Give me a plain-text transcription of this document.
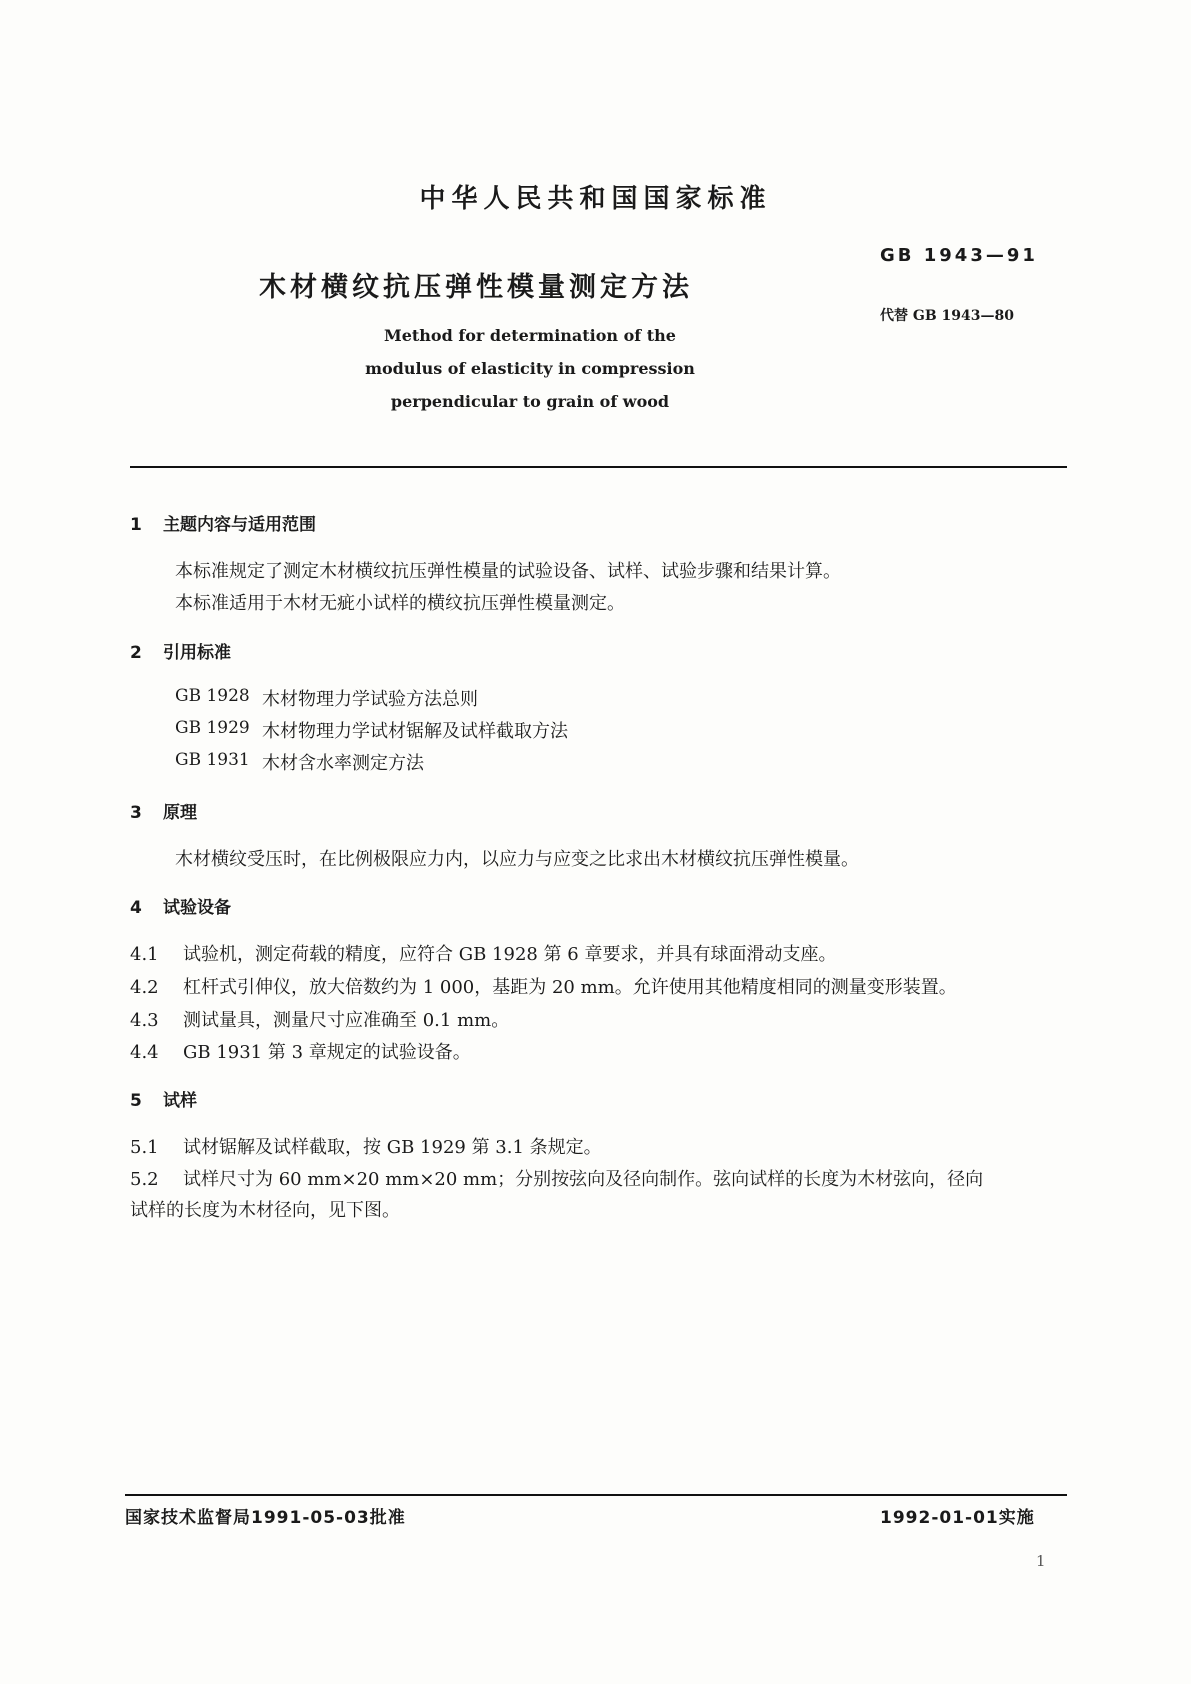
中华人民共和国国家标准
GB 1943—91
木材横纹抗压弹性模量测定方法
代替 GB 1943—80
Method for determination of the
modulus of elasticity in compression
perpendicular to grain of wood
1 主题内容与适用范围
本标准规定了测定木材横纹抗压弹性模量的试验设备、试样、试验步骤和结果计算。
本标准适用于木材无疵小试样的横纹抗压弹性模量测定。
2 引用标准
GB 1928 木材物理力学试验方法总则
GB 1929 木材物理力学试材锯解及试样截取方法
GB 1931 木材含水率测定方法
3 原理
木材横纹受压时，在比例极限应力内，以应力与应变之比求出木材横纹抗压弹性模量。
4 试验设备
4.1 试验机，测定荷载的精度，应符合 GB 1928 第 6 章要求，并具有球面滑动支座。
4.2 杠杆式引伸仪，放大倍数约为 1 000，基距为 20 mm。允许使用其他精度相同的测量变形装置。
4.3 测试量具，测量尺寸应准确至 0.1 mm。
4.4 GB 1931 第 3 章规定的试验设备。
5 试样
5.1 试材锯解及试样截取，按 GB 1929 第 3.1 条规定。
5.2 试样尺寸为 60 mm×20 mm×20 mm；分别按弦向及径向制作。弦向试样的长度为木材弦向，径向
试样的长度为木材径向，见下图。
国家技术监督局1991-05-03批准	1992-01-01实施
1
